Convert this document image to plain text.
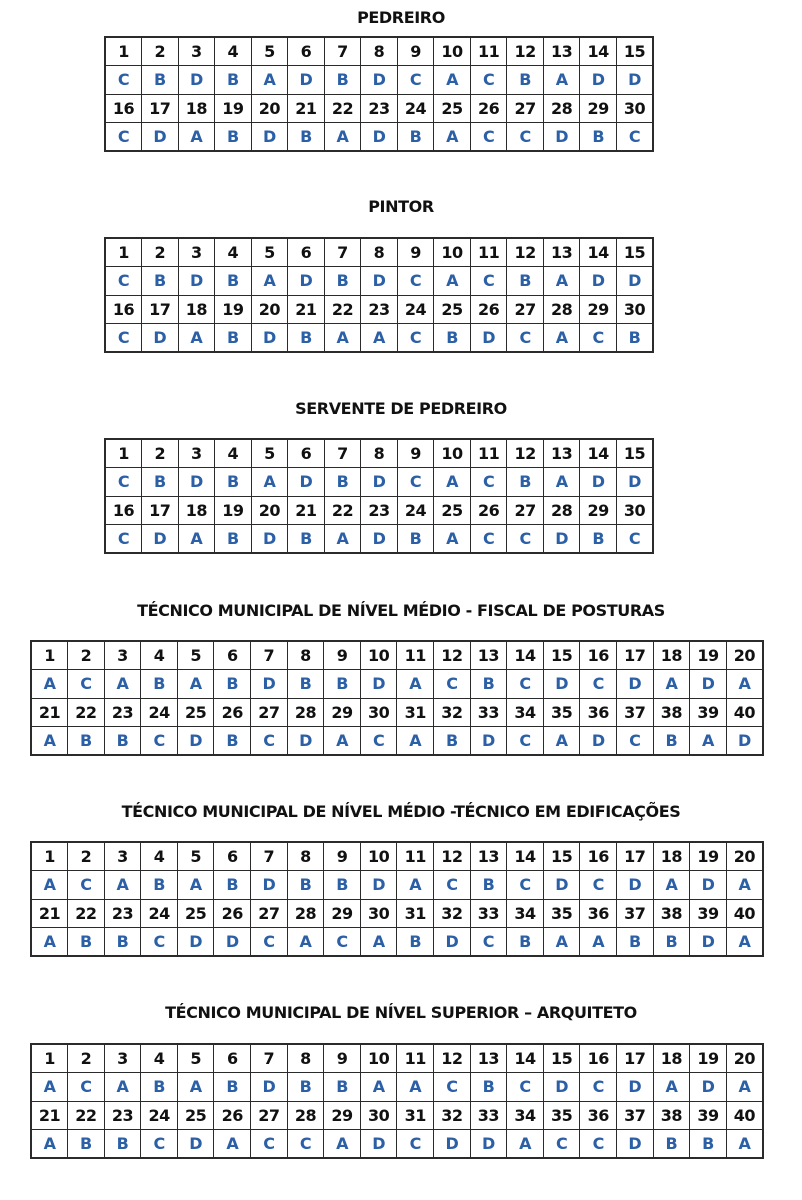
PEDREIRO
1	2	3	4	5	6	7	8	9	10	11	12	13	14	15
C	B	D	B	A	D	B	D	C	A	C	B	A	D	D
16	17	18	19	20	21	22	23	24	25	26	27	28	29	30
C	D	A	B	D	B	A	D	B	A	C	C	D	B	C
PINTOR
1	2	3	4	5	6	7	8	9	10	11	12	13	14	15
C	B	D	B	A	D	B	D	C	A	C	B	A	D	D
16	17	18	19	20	21	22	23	24	25	26	27	28	29	30
C	D	A	B	D	B	A	A	C	B	D	C	A	C	B
SERVENTE DE PEDREIRO
1	2	3	4	5	6	7	8	9	10	11	12	13	14	15
C	B	D	B	A	D	B	D	C	A	C	B	A	D	D
16	17	18	19	20	21	22	23	24	25	26	27	28	29	30
C	D	A	B	D	B	A	D	B	A	C	C	D	B	C
TÉCNICO MUNICIPAL DE NÍVEL MÉDIO - FISCAL DE POSTURAS
1	2	3	4	5	6	7	8	9	10	11	12	13	14	15	16	17	18	19	20
A	C	A	B	A	B	D	B	B	D	A	C	B	C	D	C	D	A	D	A
21	22	23	24	25	26	27	28	29	30	31	32	33	34	35	36	37	38	39	40
A	B	B	C	D	B	C	D	A	C	A	B	D	C	A	D	C	B	A	D
TÉCNICO MUNICIPAL DE NÍVEL MÉDIO -TÉCNICO EM EDIFICAÇÕES
1	2	3	4	5	6	7	8	9	10	11	12	13	14	15	16	17	18	19	20
A	C	A	B	A	B	D	B	B	D	A	C	B	C	D	C	D	A	D	A
21	22	23	24	25	26	27	28	29	30	31	32	33	34	35	36	37	38	39	40
A	B	B	C	D	D	C	A	C	A	B	D	C	B	A	A	B	B	D	A
TÉCNICO MUNICIPAL DE NÍVEL SUPERIOR – ARQUITETO
1	2	3	4	5	6	7	8	9	10	11	12	13	14	15	16	17	18	19	20
A	C	A	B	A	B	D	B	B	A	A	C	B	C	D	C	D	A	D	A
21	22	23	24	25	26	27	28	29	30	31	32	33	34	35	36	37	38	39	40
A	B	B	C	D	A	C	C	A	D	C	D	D	A	C	C	D	B	B	A
